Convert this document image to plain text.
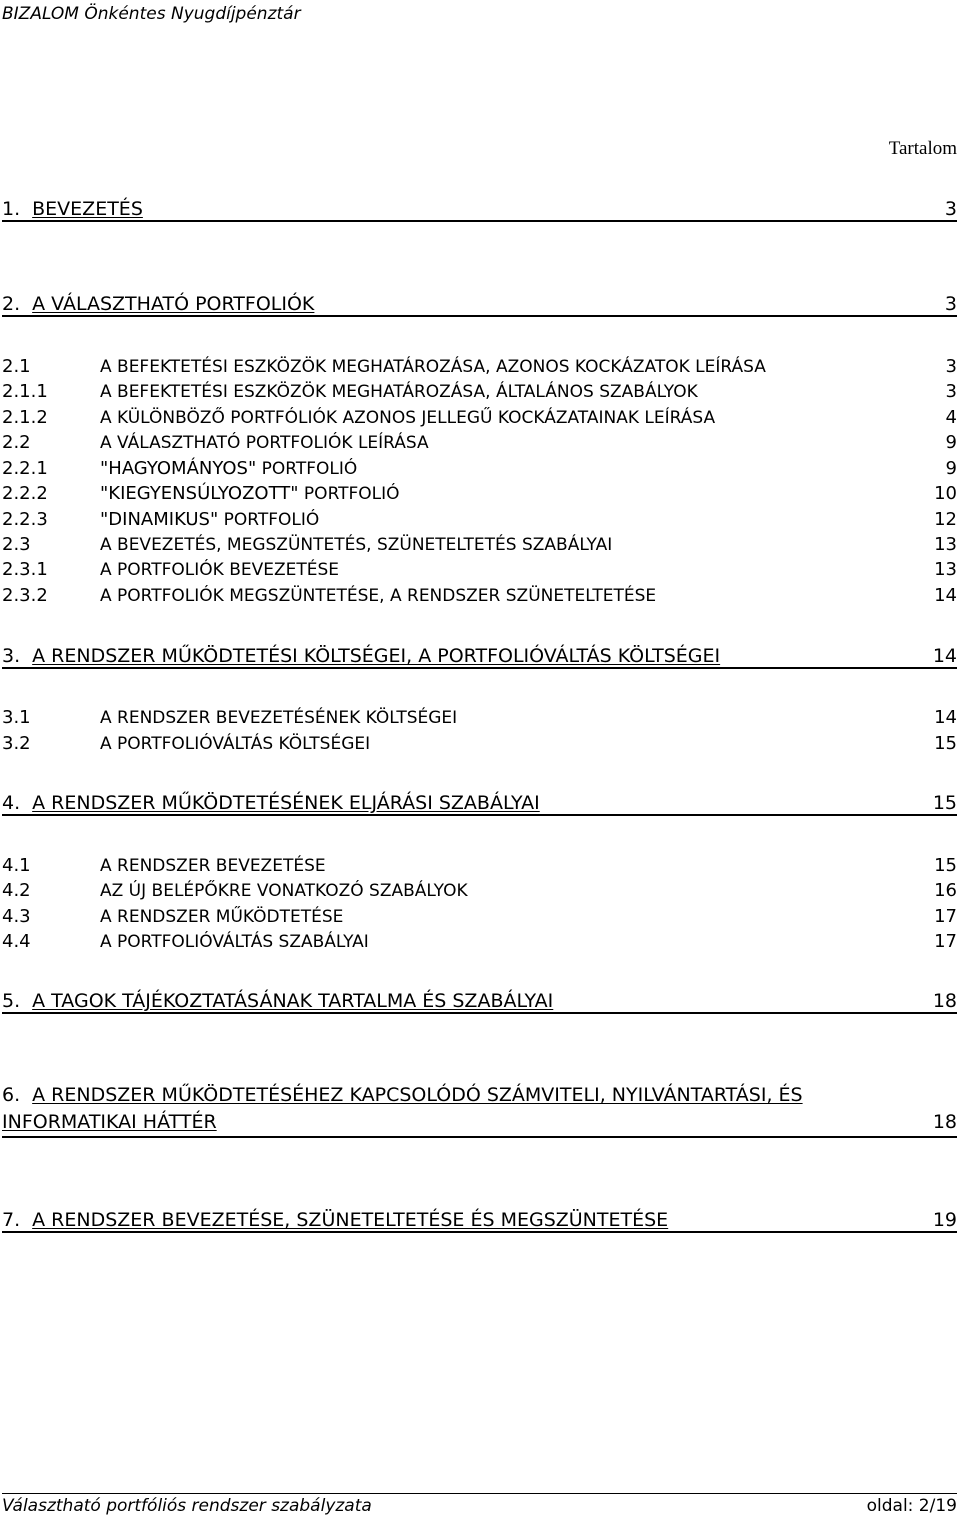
BIZALOM Önkéntes Nyugdíjpénztár
Tartalom
1. BEVEZETÉS	3
2. A VÁLASZTHATÓ PORTFOLIÓK	3
2.1	A BEFEKTETÉSI ESZKÖZÖK MEGHATÁROZÁSA, AZONOS KOCKÁZATOK LEÍRÁSA	3
2.1.1	A BEFEKTETÉSI ESZKÖZÖK MEGHATÁROZÁSA, ÁLTALÁNOS SZABÁLYOK	3
2.1.2	A KÜLÖNBÖZŐ PORTFÓLIÓK AZONOS JELLEGŰ KOCKÁZATAINAK LEÍRÁSA	4
2.2	A VÁLASZTHATÓ PORTFOLIÓK LEÍRÁSA	9
2.2.1	"HAGYOMÁNYOS" PORTFOLIÓ	9
2.2.2	"KIEGYENSÚLYOZOTT" PORTFOLIÓ	10
2.2.3	"DINAMIKUS" PORTFOLIÓ	12
2.3	A BEVEZETÉS, MEGSZÜNTETÉS, SZÜNETELTETÉS SZABÁLYAI	13
2.3.1	A PORTFOLIÓK BEVEZETÉSE	13
2.3.2	A PORTFOLIÓK MEGSZÜNTETÉSE, A RENDSZER SZÜNETELTETÉSE	14
3. A RENDSZER MŰKÖDTETÉSI KÖLTSÉGEI, A PORTFOLIÓVÁLTÁS KÖLTSÉGEI	14
3.1	A RENDSZER BEVEZETÉSÉNEK KÖLTSÉGEI	14
3.2	A PORTFOLIÓVÁLTÁS KÖLTSÉGEI	15
4. A RENDSZER MŰKÖDTETÉSÉNEK ELJÁRÁSI SZABÁLYAI	15
4.1	A RENDSZER BEVEZETÉSE	15
4.2	AZ ÚJ BELÉPŐKRE VONATKOZÓ SZABÁLYOK	16
4.3	A RENDSZER MŰKÖDTETÉSE	17
4.4	A PORTFOLIÓVÁLTÁS SZABÁLYAI	17
5. A TAGOK TÁJÉKOZTATÁSÁNAK TARTALMA ÉS SZABÁLYAI	18
6. A RENDSZER MŰKÖDTETÉSÉHEZ KAPCSOLÓDÓ SZÁMVITELI, NYILVÁNTARTÁSI, ÉS
INFORMATIKAI HÁTTÉR	18
7. A RENDSZER BEVEZETÉSE, SZÜNETELTETÉSE ÉS MEGSZÜNTETÉSE	19
Választható portfóliós rendszer szabályzata	oldal: 2/19
